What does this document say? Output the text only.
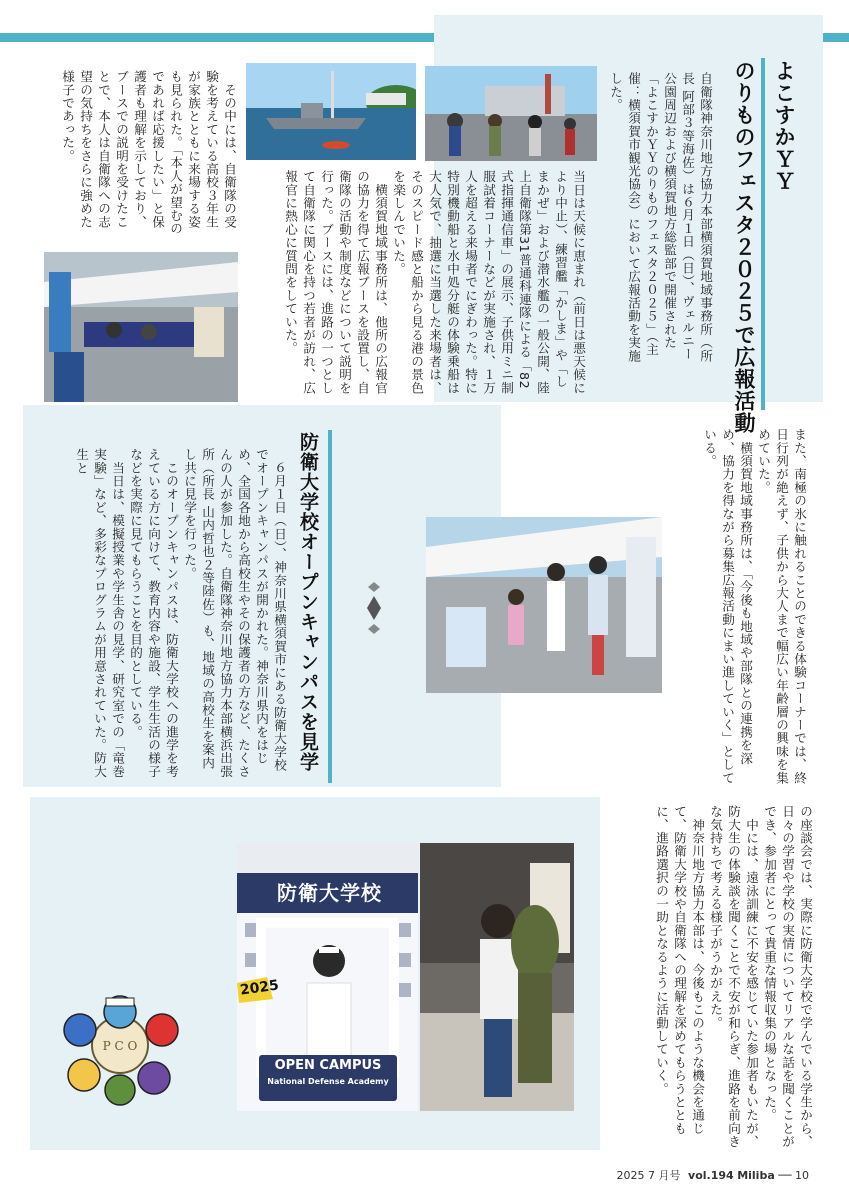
よこすかＹＹ
のりものフェスタ２０２５で広報活動
自衛隊神奈川地方協力本部横須賀地域事務所（所長 阿部３等海佐）は６月１日（日）、ヴェルニー公園周辺および横須賀地方総監部で開催された「よこすかＹＹのりものフェスタ２０２５」（主催：横須賀市観光協会）において広報活動を実施した。
当日は天候に恵まれ（前日は悪天候により中止）、練習艦「かしま」や「しまかぜ」および潜水艦の一般公開、陸上自衛隊第31普通科連隊による「82式指揮通信車」の展示、子供用ミニ制服試着コーナーなどが実施され、１万人を超える来場者でにぎわった。特に特別機動船と水中処分艇の体験乗船は大人気で、抽選に当選した来場者は、そのスピード感と船から見る港の景色を楽しんでいた。
　横須賀地域事務所は、他所の広報官の協力を得て広報ブースを設置し、自衛隊の活動や制度などについて説明を行った。ブースには、進路の一つとして自衛隊に関心を持つ若者が訪れ、広報官に熱心に質問をしていた。
　その中には、自衛隊の受験を考えている高校３年生が家族とともに来場する姿も見られた。「本人が望むのであれば応援したい」と保護者も理解を示しており、ブースでの説明を受けたことで、本人は自衛隊への志望の気持ちをさらに強めた様子であった。
また、南極の氷に触れることのできる体験コーナーでは、終日行列が絶えず、子供から大人まで幅広い年齢層の興味を集めていた。
　横須賀地域事務所は、「今後も地域や部隊との連携を深め、協力を得ながら募集広報活動にまい進していく」としている。
防衛大学校オープンキャンパスを見学
　６月１日（日）、神奈川県横須賀市にある防衛大学校でオープンキャンパスが開かれた。神奈川県内をはじめ、全国各地から高校生やその保護者の方など、たくさんの人が参加した。自衛隊神奈川地方協力本部横浜出張所（所長 山内哲也２等陸佐）も、地域の高校生を案内し共に見学を行った。
　このオープンキャンパスは、防衛大学校への進学を考えている方に向けて、教育内容や施設、学生生活の様子などを実際に見てもらうことを目的としている。
　当日は、模擬授業や学生舎の見学、研究室での「竜巻実験」など、多彩なプログラムが用意されていた。防大生と
の座談会では、実際に防衛大学校で学んでいる学生から、日々の学習や学校の実情についてリアルな話を聞くことができ、参加者にとって貴重な情報収集の場となった。
　中には、遠泳訓練に不安を感じていた参加者もいたが、防大生の体験談を聞くことで不安が和らぎ、進路を前向きな気持ちで考える様子がうかがえた。
　神奈川地方協力本部は、今後もこのような機会を通じて、防衛大学校や自衛隊への理解を深めてもらうとともに、進路選択の一助となるように活動していく。
P C O
防衛大学校
2025
OPEN CAMPUS
National Defense Academy
2025 7 月号 vol.194 Miliba ── 10
